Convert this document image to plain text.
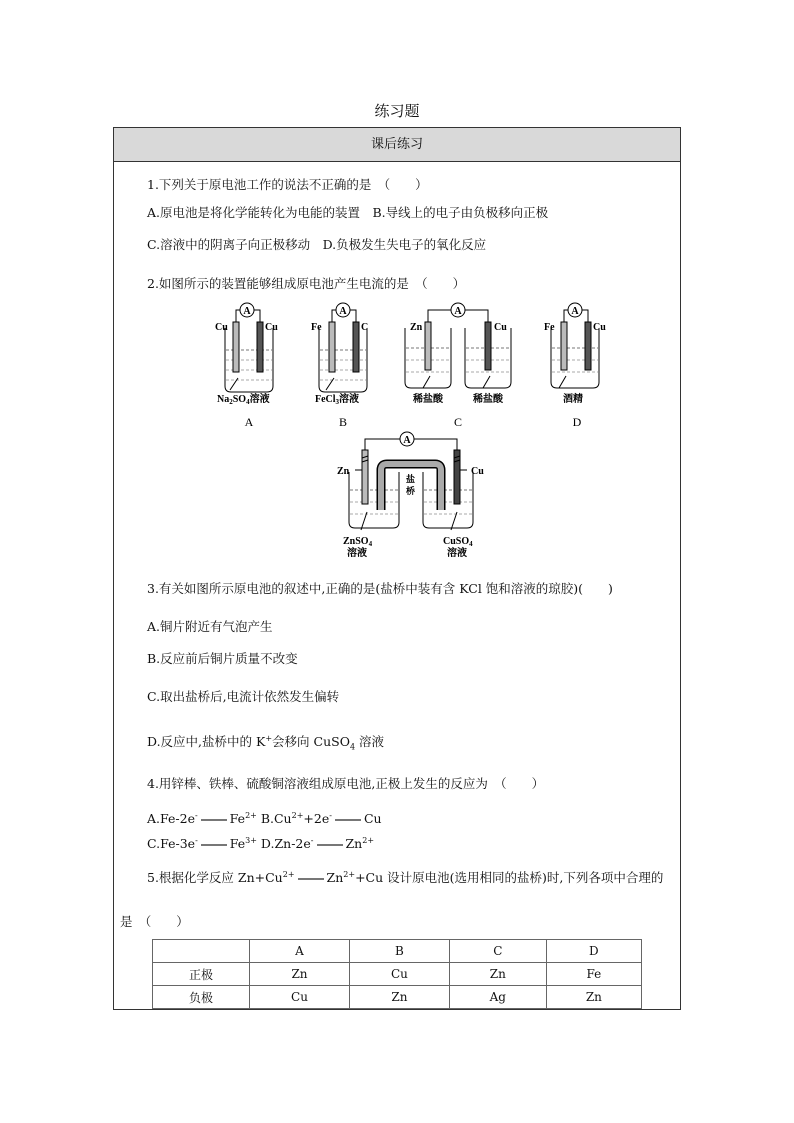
练习题
课后练习
1.下列关于原电池工作的说法不正确的是　（　　）
A.原电池是将化学能转化为电能的装置　B.导线上的电子由负极移向正极
C.溶液中的阴离子向正极移动　D.负极发生失电子的氧化反应
2.如图所示的装置能够组成原电池产生电流的是　（　　）
A
Cu	Cu
$Na_2SO_4$溶液
A
A
Fe	C
FeCl$_3$溶液
B
A
Zn	Cu
稀盐酸	稀盐酸
C
A
Fe	Cu
酒精
D
A
Zn	Cu
盐
桥
ZnSO$_4$
溶液
CuSO$_4$
溶液
3.有关如图所示原电池的叙述中,正确的是(盐桥中装有含 KCl 饱和溶液的琼胶)(　　)
A.铜片附近有气泡产生
B.反应前后铜片质量不改变
C.取出盐桥后,电流计依然发生偏转
D.反应中,盐桥中的 K+会移向 CuSO$_4$ 溶液
4.用锌棒、铁棒、硫酸铜溶液组成原电池,正极上发生的反应为　（　　）
A.Fe-2e-	$Fe^{2+}$ $B.Cu^{2+}+2e^-$	Cu
C.Fe-3e-	$Fe^{3+}$ D.Zn-2e-	$Zn^{2+}$
5.根据化学反应 $Zn+Cu^{2+}$	$Zn^{2+}+Cu$ 设计原电池(选用相同的盐桥)时,下列各项中合理的
是　（　　）
	A	B	C	D
正极	Zn	Cu	Zn	Fe
负极	Cu	Zn	Ag	Zn
